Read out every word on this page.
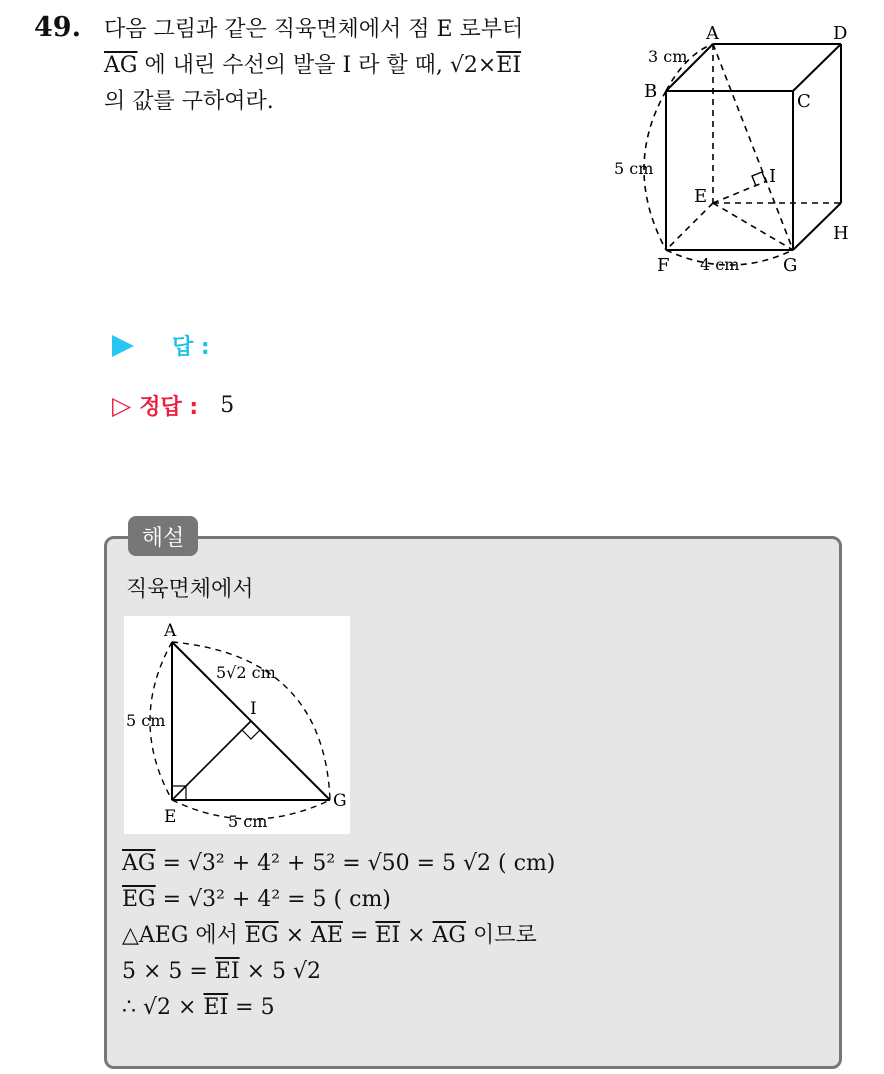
49. 다음 그림과 같은 직육면체에서 점 E 로부터
$\overline{AG}$ 에 내린 수선의 발을 I 라 할 때, $√2\times\overline{EI}$
의 값를 구하여라.
A	D
B	C
E
I
H
F	G
3 cm
5 cm
4 cm
답 :
▷ 정답 : 5
해설
직육면체에서
A
E
G
I
5√2 cm
5 cm
5 cm
$\overline{AG} = √3^2 + 4^2 + 5^2 = √50 = 5$ √2 ( cm)
$\overline{EG} = √3^2 + 4^2 = 5$ ( cm)
△AEG 에서 $\overline{EG} \times \overline{AE} = \overline{EI} \times \overline{AG}$ 이므로
$5 \times 5 = \overline{EI} \times 5$ √2
∴ $√2 \times \overline{EI} = 5$
